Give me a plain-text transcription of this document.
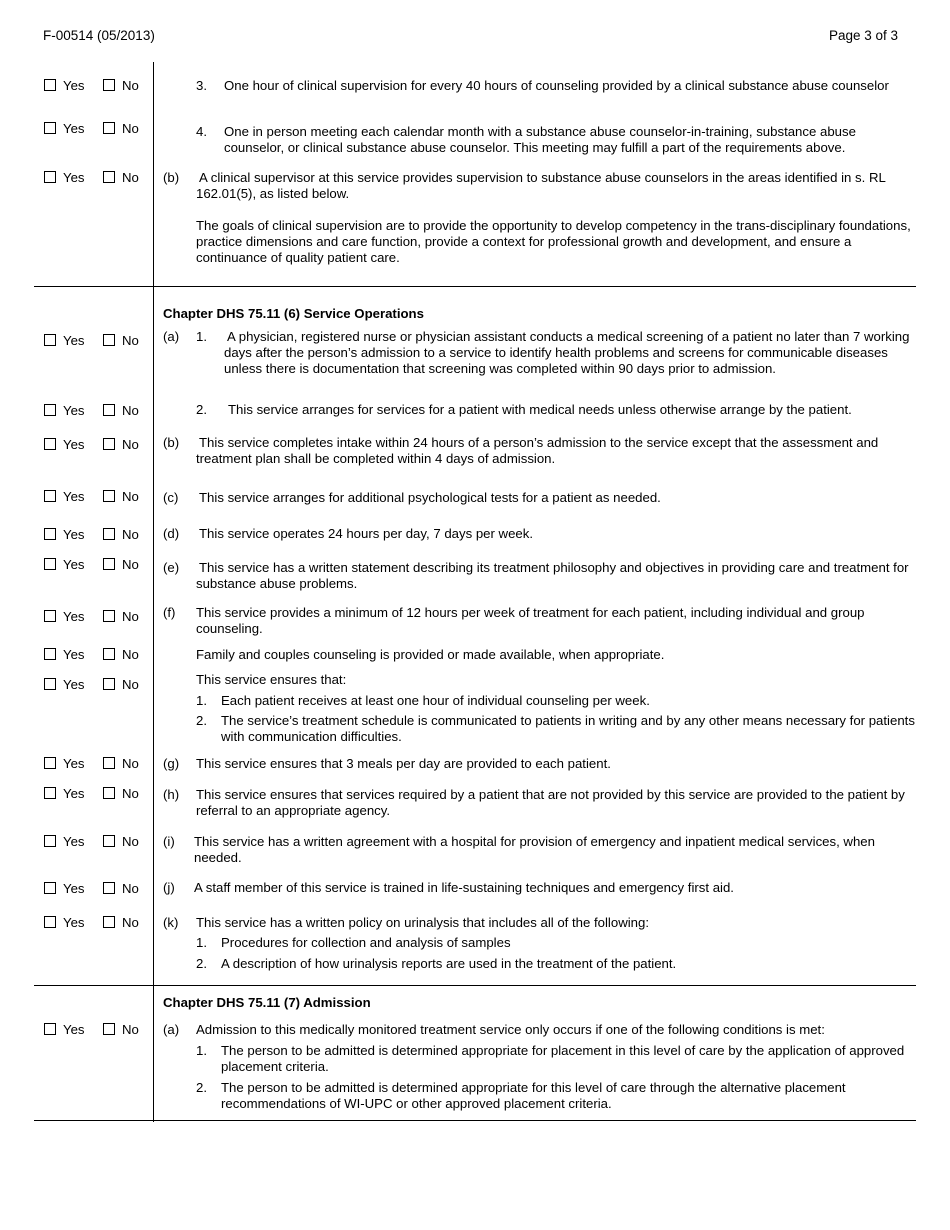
F-00514 (05/2013)	Page 3 of 3
Yes	No	3. One hour of clinical supervision for every 40 hours of counseling provided by a clinical substance abuse counselor
Yes	No	4. One in person meeting each calendar month with a substance abuse counselor-in-training, substance abuse counselor, or clinical substance abuse counselor. This meeting may fulfill a part of the requirements above.
Yes	No (b) A clinical supervisor at this service provides supervision to substance abuse counselors in the areas identified in s. RL 162.01(5), as listed below.
The goals of clinical supervision are to provide the opportunity to develop competency in the trans-disciplinary foundations, practice dimensions and care function, provide a context for professional growth and development, and ensure a continuance of quality patient care.
Chapter DHS 75.11 (6) Service Operations
Yes	No (a) 1. A physician, registered nurse or physician assistant conducts a medical screening of a patient no later than 7 working days after the person’s admission to a service to identify health problems and screens for communicable diseases unless there is documentation that screening was completed within 90 days prior to admission.
Yes	No	2.	This service arranges for services for a patient with medical needs unless otherwise arrange by the patient.
Yes	No (b) This service completes intake within 24 hours of a person’s admission to the service except that the assessment and treatment plan shall be completed within 4 days of admission.
Yes	No (c) This service arranges for additional psychological tests for a patient as needed.
Yes	No (d) This service operates 24 hours per day, 7 days per week.
Yes	No (e) This service has a written statement describing its treatment philosophy and objectives in providing care and treatment for substance abuse problems.
Yes	No (f) This service provides a minimum of 12 hours per week of treatment for each patient, including individual and group counseling.
Yes	No	Family and couples counseling is provided or made available, when appropriate.
Yes	No	This service ensures that:
1. Each patient receives at least one hour of individual counseling per week.
2. The service’s treatment schedule is communicated to patients in writing and by any other means necessary for patients with communication difficulties.
Yes	No (g) This service ensures that 3 meals per day are provided to each patient.
Yes	No (h) This service ensures that services required by a patient that are not provided by this service are provided to the patient by referral to an appropriate agency.
Yes	No (i) This service has a written agreement with a hospital for provision of emergency and inpatient medical services, when needed.
Yes	No (j) A staff member of this service is trained in life-sustaining techniques and emergency first aid.
Yes	No (k) This service has a written policy on urinalysis that includes all of the following:
1. Procedures for collection and analysis of samples
2. A description of how urinalysis reports are used in the treatment of the patient.
Chapter DHS 75.11 (7) Admission
Yes	No (a) Admission to this medically monitored treatment service only occurs if one of the following conditions is met:
1. The person to be admitted is determined appropriate for placement in this level of care by the application of approved placement criteria.
2. The person to be admitted is determined appropriate for this level of care through the alternative placement recommendations of WI-UPC or other approved placement criteria.
